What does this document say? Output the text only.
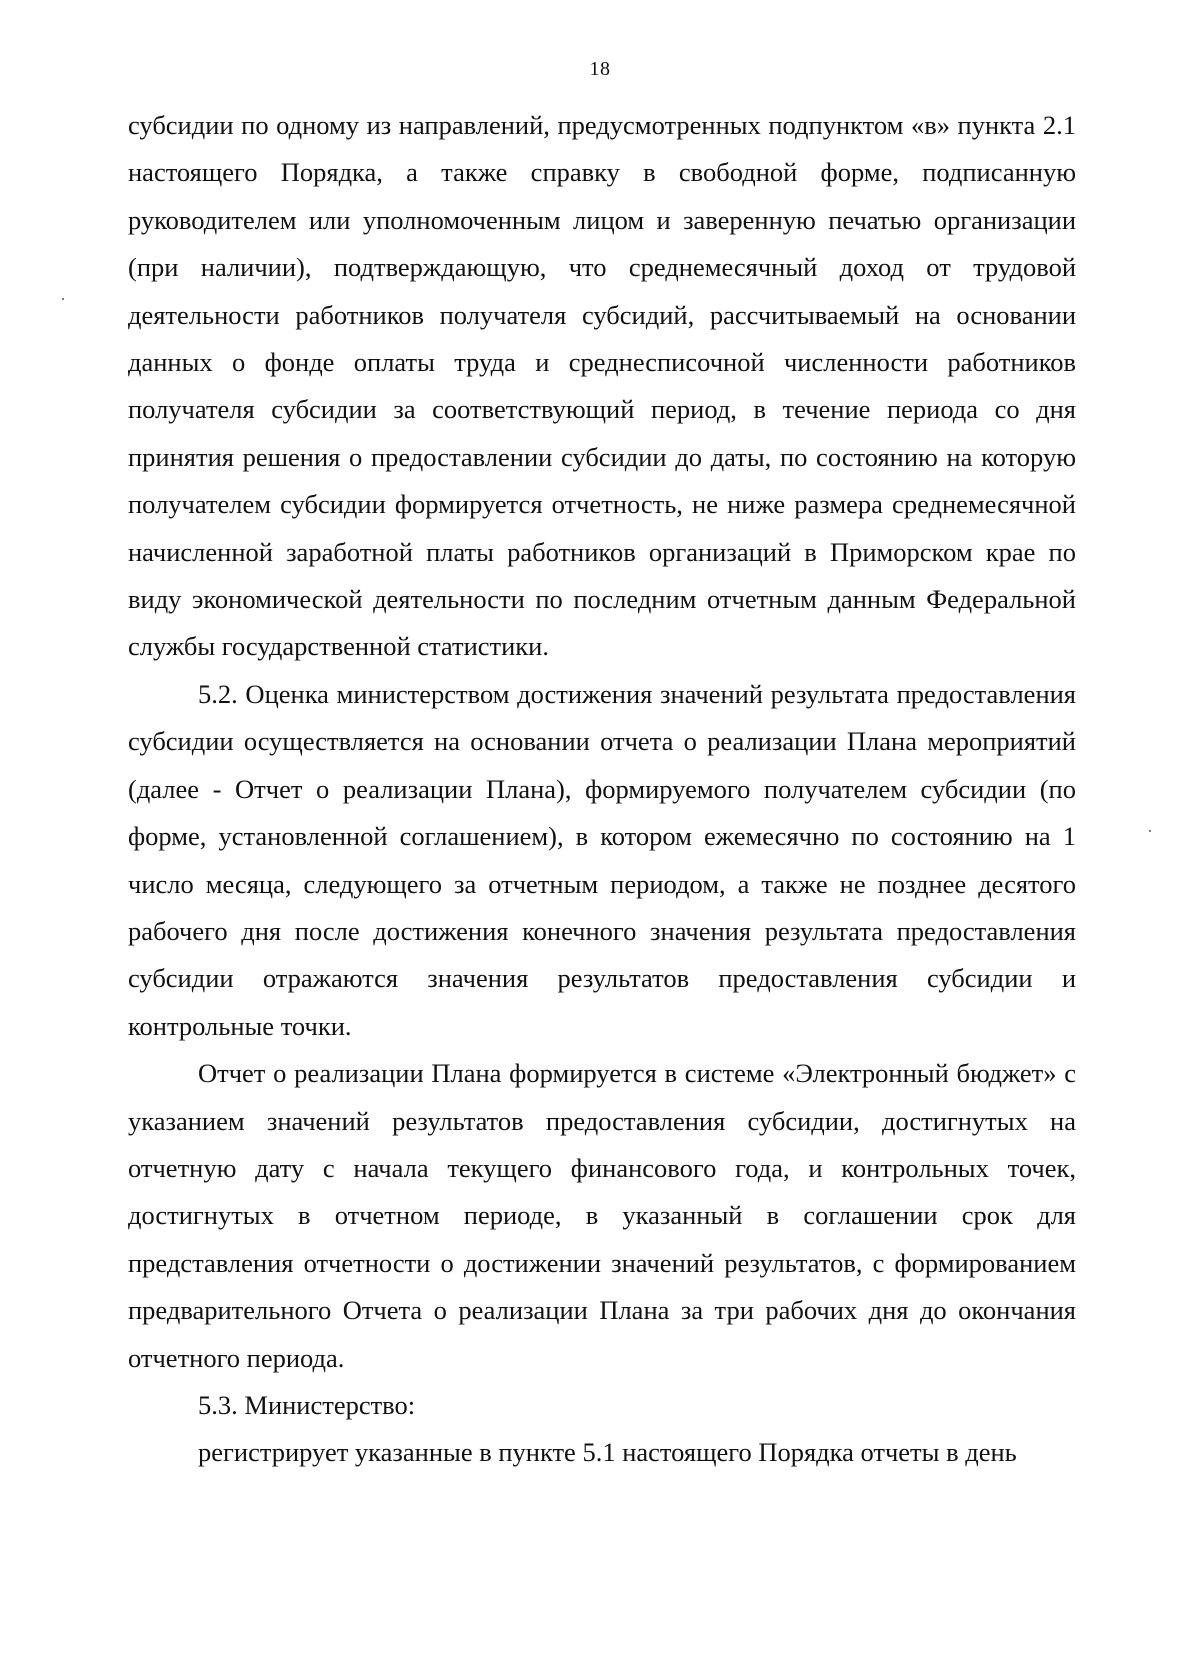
18

субсидии по одному из направлений, предусмотренных подпунктом «в» пункта 2.1 настоящего Порядка, а также справку в свободной форме, подписанную руководителем или уполномоченным лицом и заверенную печатью организации (при наличии), подтверждающую, что среднемесячный доход от трудовой деятельности работников получателя субсидий, рассчитываемый на основании данных о фонде оплаты труда и среднесписочной численности работников получателя субсидии за соответствующий период, в течение периода со дня принятия решения о предоставлении субсидии до даты, по состоянию на которую получателем субсидии формируется отчетность, не ниже размера среднемесячной начисленной заработной платы работников организаций в Приморском крае по виду экономической деятельности по последним отчетным данным Федеральной службы государственной статистики.

5.2. Оценка министерством достижения значений результата предоставления субсидии осуществляется на основании отчета о реализации Плана мероприятий (далее - Отчет о реализации Плана), формируемого получателем субсидии (по форме, установленной соглашением), в котором ежемесячно по состоянию на 1 число месяца, следующего за отчетным периодом, а также не позднее десятого рабочего дня после достижения конечного значения результата предоставления субсидии отражаются значения результатов предоставления субсидии и контрольные точки.

Отчет о реализации Плана формируется в системе «Электронный бюджет» с указанием значений результатов предоставления субсидии, достигнутых на отчетную дату с начала текущего финансового года, и контрольных точек, достигнутых в отчетном периоде, в указанный в соглашении срок для представления отчетности о достижении значений результатов, с формированием предварительного Отчета о реализации Плана за три рабочих дня до окончания отчетного периода.

5.3. Министерство:

регистрирует указанные в пункте 5.1 настоящего Порядка отчеты в день
